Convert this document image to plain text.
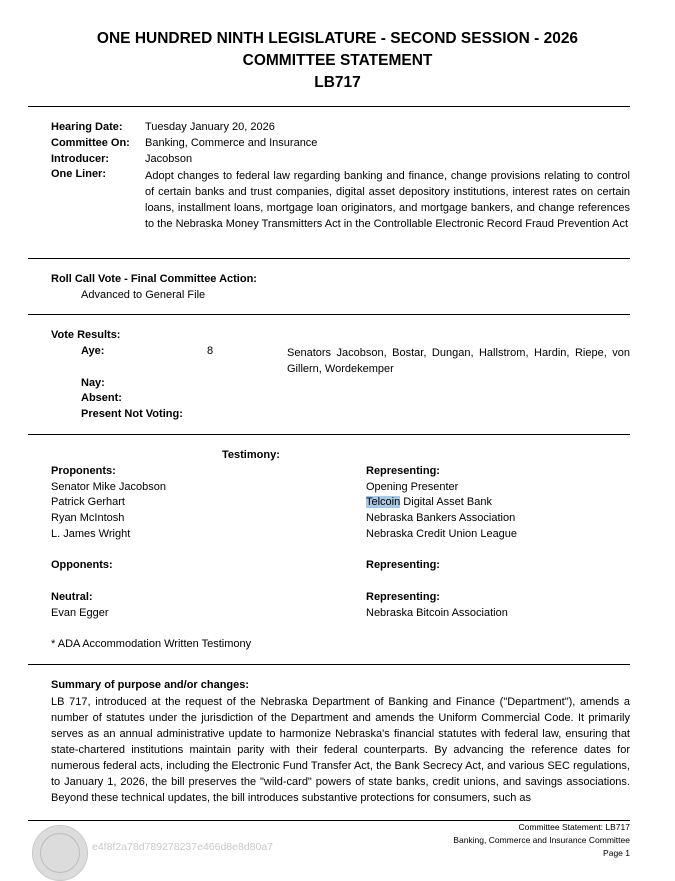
ONE HUNDRED NINTH LEGISLATURE - SECOND SESSION - 2026
COMMITTEE STATEMENT
LB717
Hearing Date: Tuesday January 20, 2026
Committee On: Banking, Commerce and Insurance
Introducer:	Jacobson
One Liner:	Adopt changes to federal law regarding banking and finance, change provisions relating to control of certain banks and trust companies, digital asset depository institutions, interest rates on certain loans, installment loans, mortgage loan originators, and mortgage bankers, and change references to the Nebraska Money Transmitters Act in the Controllable Electronic Record Fraud Prevention Act
Roll Call Vote - Final Committee Action:
Advanced to General File
Vote Results:
Aye:	8	Senators Jacobson, Bostar, Dungan, Hallstrom, Hardin, Riepe, von Gillern, Wordekemper
Nay:
Absent:
Present Not Voting:
Testimony:
Proponents:	Representing:
Senator Mike Jacobson	Opening Presenter
Patrick Gerhart	Telcoin Digital Asset Bank
Ryan McIntosh	Nebraska Bankers Association
L. James Wright	Nebraska Credit Union League
Opponents:	Representing:
Neutral:	Representing:
Evan Egger	Nebraska Bitcoin Association
* ADA Accommodation Written Testimony
Summary of purpose and/or changes:
LB 717, introduced at the request of the Nebraska Department of Banking and Finance ("Department"), amends a number of statutes under the jurisdiction of the Department and amends the Uniform Commercial Code. It primarily serves as an annual administrative update to harmonize Nebraska's financial statutes with federal law, ensuring that state-chartered institutions maintain parity with their federal counterparts. By advancing the reference dates for numerous federal acts, including the Electronic Fund Transfer Act, the Bank Secrecy Act, and various SEC regulations, to January 1, 2026, the bill preserves the "wild-card" powers of state banks, credit unions, and savings associations. Beyond these technical updates, the bill introduces substantive protections for consumers, such as
e4f8f2a78d789278237e466d8e8d80a7
Committee Statement: LB717
Banking, Commerce and Insurance Committee
Page 1
